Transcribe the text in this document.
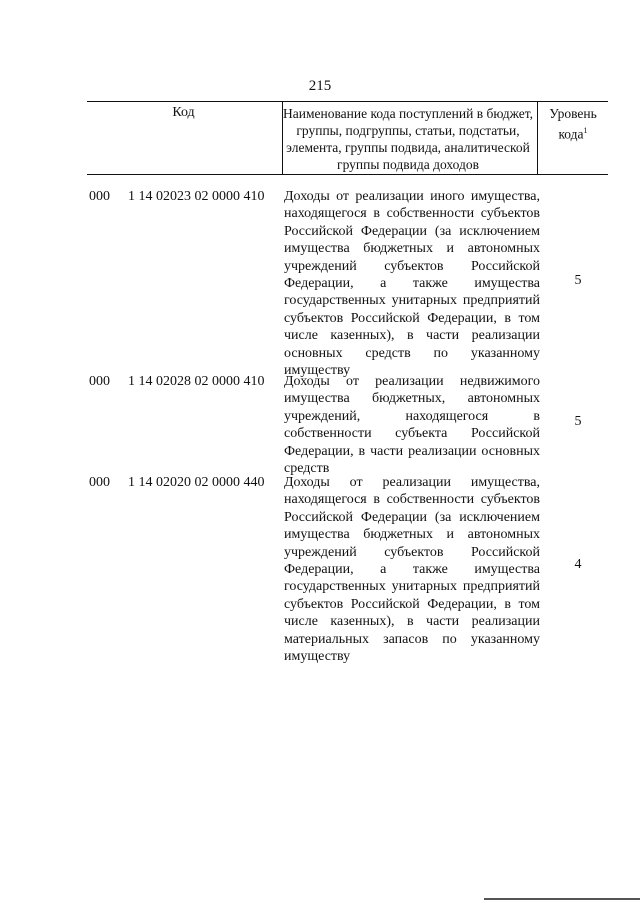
215
Код	Наименование кода поступлений в бюджет, группы, подгруппы, статьи, подстатьи, элемента, группы подвида, аналитической группы подвида доходов
Уровень
кода$^1$
000 1 14 02023 02 0000 410 Доходы от реализации иного имущества, находящегося в собственности субъектов Российской Федерации (за исключением имущества бюджетных и автономных учреждений субъектов Российской Федерации, а также имущества государственных унитарных предприятий субъектов Российской Федерации, в том числе казенных), в части реализации основных средств по указанному имуществу
5
000 1 14 02028 02 0000 410 Доходы от реализации недвижимого имущества бюджетных, автономных учреждений, находящегося в собственности субъекта Российской Федерации, в части реализации основных средств
5
000 1 14 02020 02 0000 440 Доходы от реализации имущества, находящегося в собственности субъектов Российской Федерации (за исключением имущества бюджетных и автономных учреждений субъектов Российской Федерации, а также имущества государственных унитарных предприятий субъектов Российской Федерации, в том числе казенных), в части реализации материальных запасов по указанному имуществу
4
